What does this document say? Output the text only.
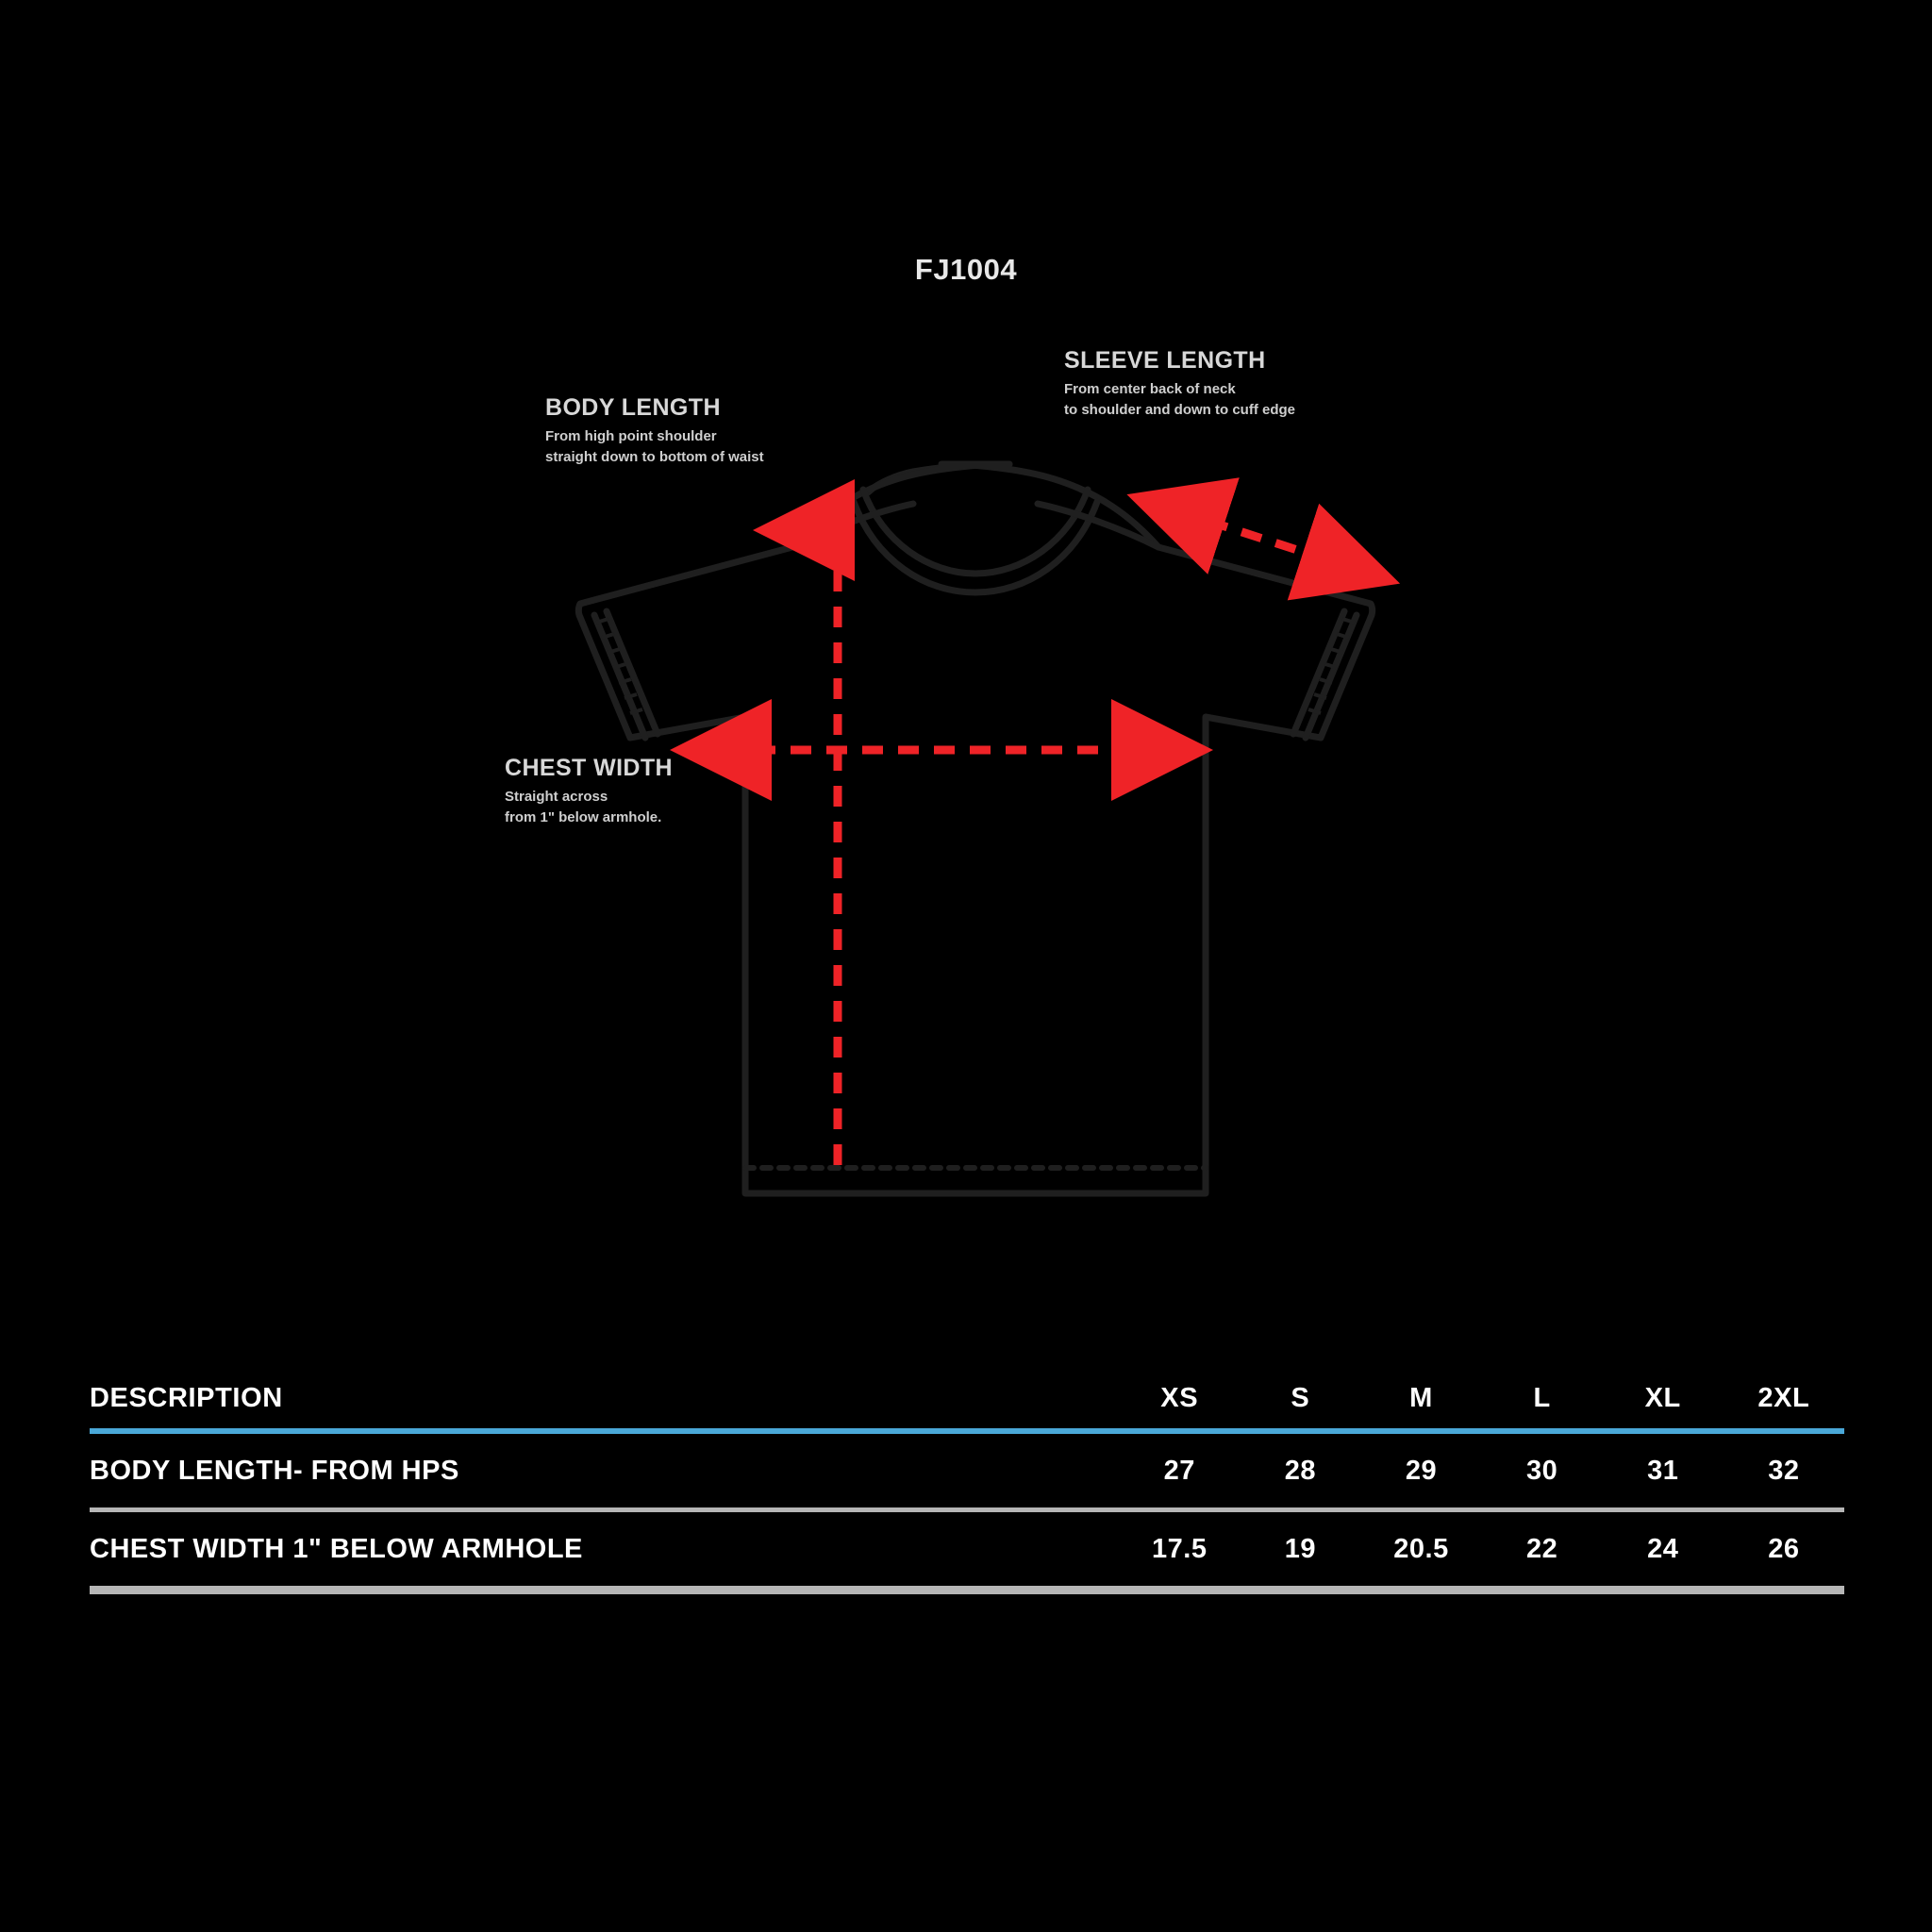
FJ1004
BODY LENGTH
From high point shoulder
straight down to bottom of waist
SLEEVE LENGTH
From center back of neck
to shoulder and down to cuff edge
CHEST WIDTH
Straight across
from 1" below armhole.
DESCRIPTION	XS	S	M	L	XL	2XL

BODY LENGTH- FROM HPS	27	28	29	30	31	32

CHEST WIDTH 1" BELOW ARMHOLE	17.5	19	20.5	22	24	26
